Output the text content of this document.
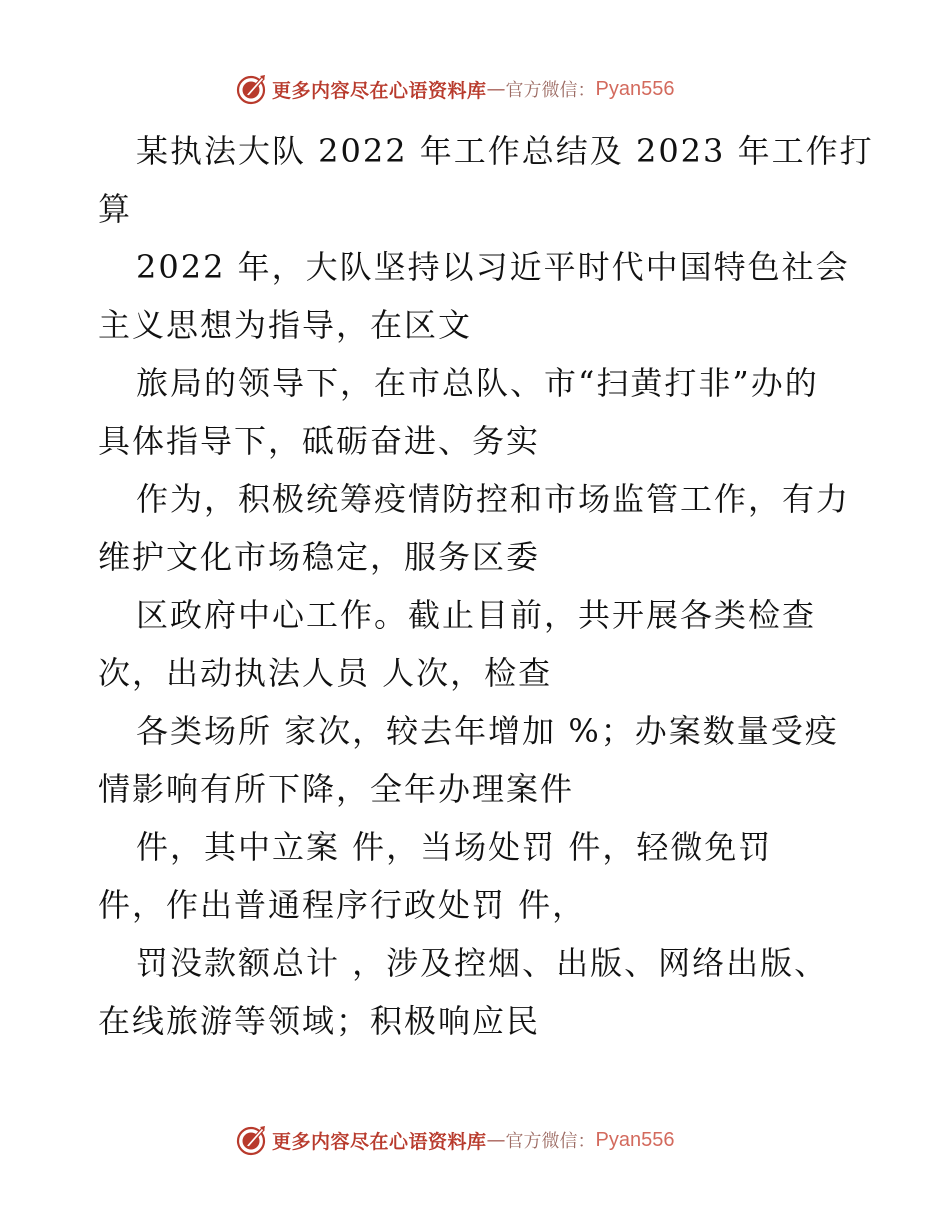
更多内容尽在心语资料库 — 官方微信： Pyan556

某执法大队 2022 年工作总结及 2023 年工作打

算

2022 年，大队坚持以习近平时代中国特色社会

主义思想为指导，在区文

旅局的领导下，在市总队、市“扫黄打非”办的

具体指导下，砥砺奋进、务实

作为，积极统筹疫情防控和市场监管工作，有力

维护文化市场稳定，服务区委

区政府中心工作。截止目前，共开展各类检查

次，出动执法人员 人次，检查

各类场所 家次，较去年增加 %；办案数量受疫

情影响有所下降，全年办理案件

件，其中立案 件，当场处罚 件，轻微免罚

件，作出普通程序行政处罚 件，

罚没款额总计 ，涉及控烟、出版、网络出版、

在线旅游等领域；积极响应民

更多内容尽在心语资料库 — 官方微信： Pyan556
